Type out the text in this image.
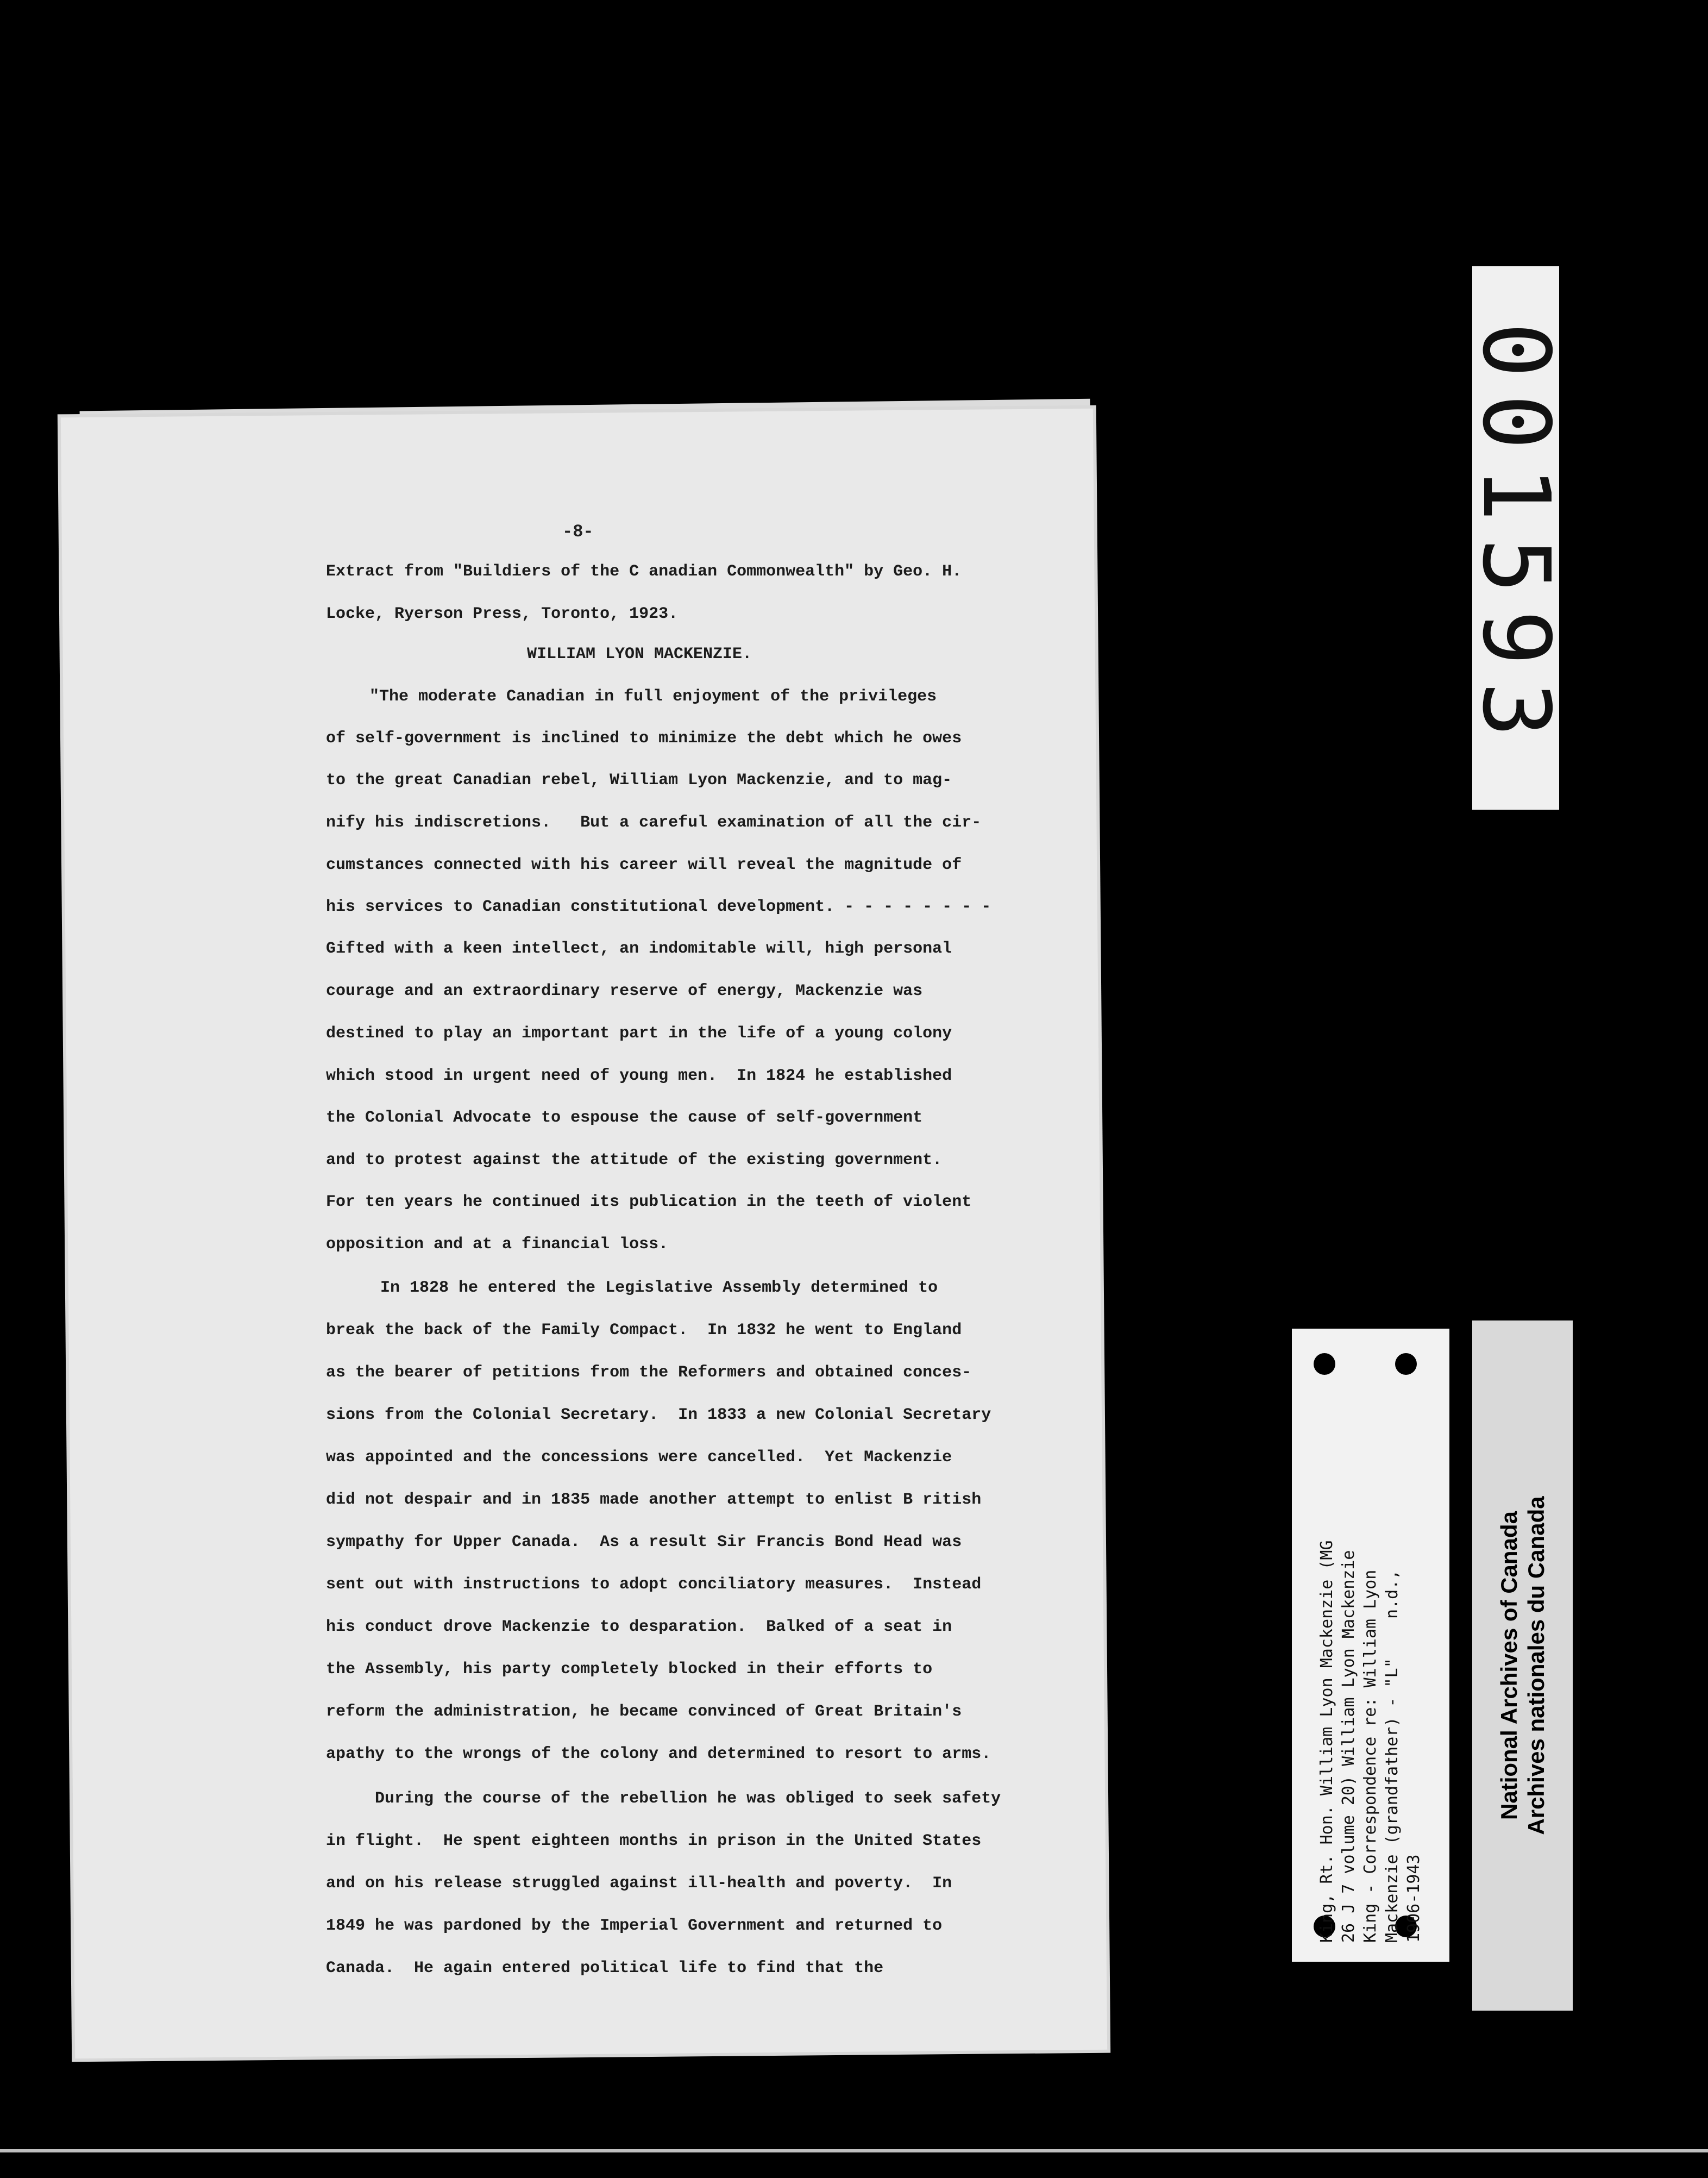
-8-
Extract from "Buildiers of the C anadian Commonwealth" by Geo. H.
Locke, Ryerson Press, Toronto, 1923.
WILLIAM LYON MACKENZIE.
"The moderate Canadian in full enjoyment of the privileges
of self-government is inclined to minimize the debt which he owes
to the great Canadian rebel, William Lyon Mackenzie, and to mag-
nify his indiscretions.   But a careful examination of all the cir-
cumstances connected with his career will reveal the magnitude of
his services to Canadian constitutional development. - - - - - - - -
Gifted with a keen intellect, an indomitable will, high personal
courage and an extraordinary reserve of energy, Mackenzie was
destined to play an important part in the life of a young colony
which stood in urgent need of young men.  In 1824 he established
the Colonial Advocate to espouse the cause of self-government
and to protest against the attitude of the existing government.
For ten years he continued its publication in the teeth of violent
opposition and at a financial loss.
In 1828 he entered the Legislative Assembly determined to
break the back of the Family Compact.  In 1832 he went to England
as the bearer of petitions from the Reformers and obtained conces-
sions from the Colonial Secretary.  In 1833 a new Colonial Secretary
was appointed and the concessions were cancelled.  Yet Mackenzie
did not despair and in 1835 made another attempt to enlist B ritish
sympathy for Upper Canada.  As a result Sir Francis Bond Head was
sent out with instructions to adopt conciliatory measures.  Instead
his conduct drove Mackenzie to desparation.  Balked of a seat in
the Assembly, his party completely blocked in their efforts to
reform the administration, he became convinced of Great Britain's
apathy to the wrongs of the colony and determined to resort to arms.
During the course of the rebellion he was obliged to seek safety
in flight.  He spent eighteen months in prison in the United States
and on his release struggled against ill-health and poverty.  In
1849 he was pardoned by the Imperial Government and returned to
Canada.  He again entered political life to find that the
001593
King, Rt. Hon. William Lyon Mackenzie (MG 26 J 7 volume 20) William Lyon Mackenzie King - Correspondence re: William Lyon Mackenzie (grandfather) - "L"    n.d., 1906-1943
National Archives of Canada Archives nationales du Canada
